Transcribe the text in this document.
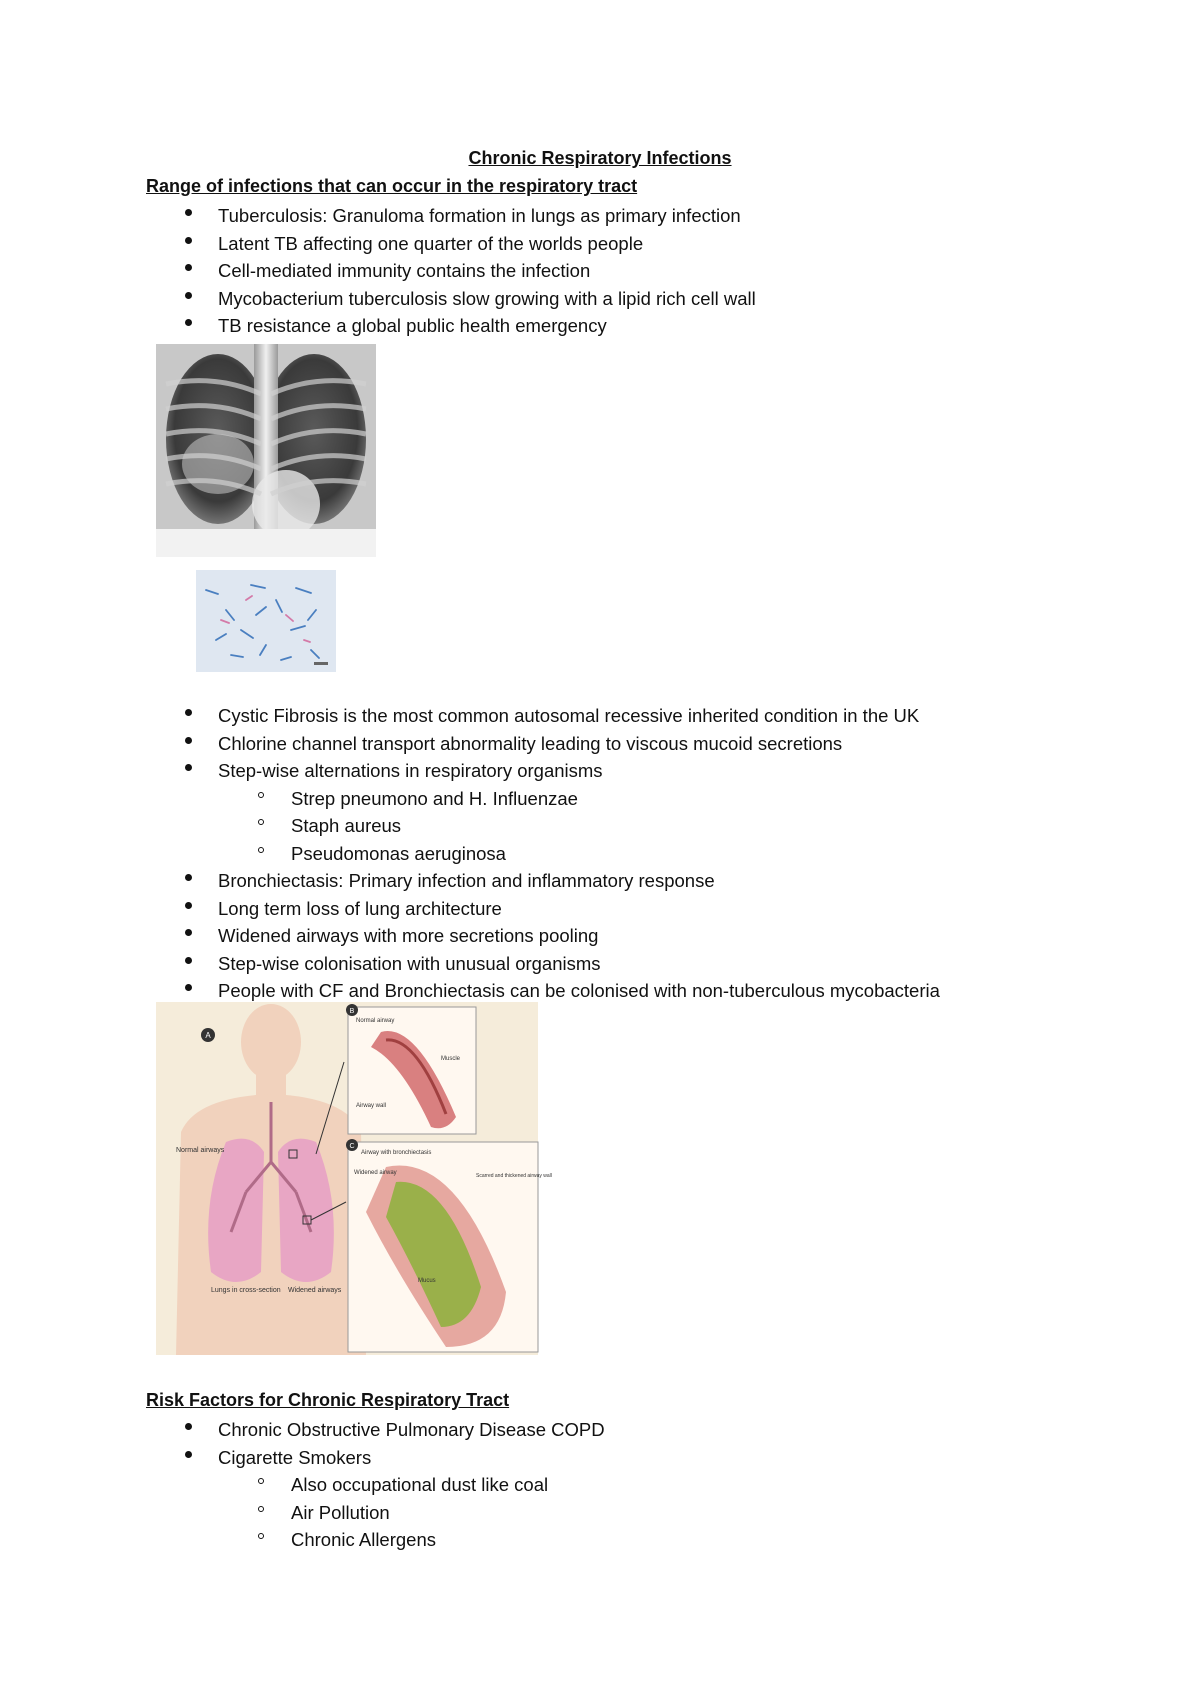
Chronic Respiratory Infections
Range of infections that can occur in the respiratory tract
Tuberculosis: Granuloma formation in lungs as primary infection
Latent TB affecting one quarter of the worlds people
Cell-mediated immunity contains the infection
Mycobacterium tuberculosis slow growing with a lipid rich cell wall
TB resistance a global public health emergency
Cystic Fibrosis is the most common autosomal recessive inherited condition in the UK
Chlorine channel transport abnormality leading to viscous mucoid secretions
Step-wise alternations in respiratory organisms
Strep pneumono and H. Influenzae
Staph aureus
Pseudomonas aeruginosa
Bronchiectasis: Primary infection and inflammatory response
Long term loss of lung architecture
Widened airways with more secretions pooling
Step-wise colonisation with unusual organisms
People with CF and Bronchiectasis can be colonised with non-tuberculous mycobacteria
A
Normal airways
Lungs in cross-section Widened airways
B
Normal airway
Muscle
Airway wall
C
Airway with bronchiectasis
Widened airway	Scarred and thickened airway wall
Mucus
Risk Factors for Chronic Respiratory Tract
Chronic Obstructive Pulmonary Disease COPD
Cigarette Smokers
Also occupational dust like coal
Air Pollution
Chronic Allergens
